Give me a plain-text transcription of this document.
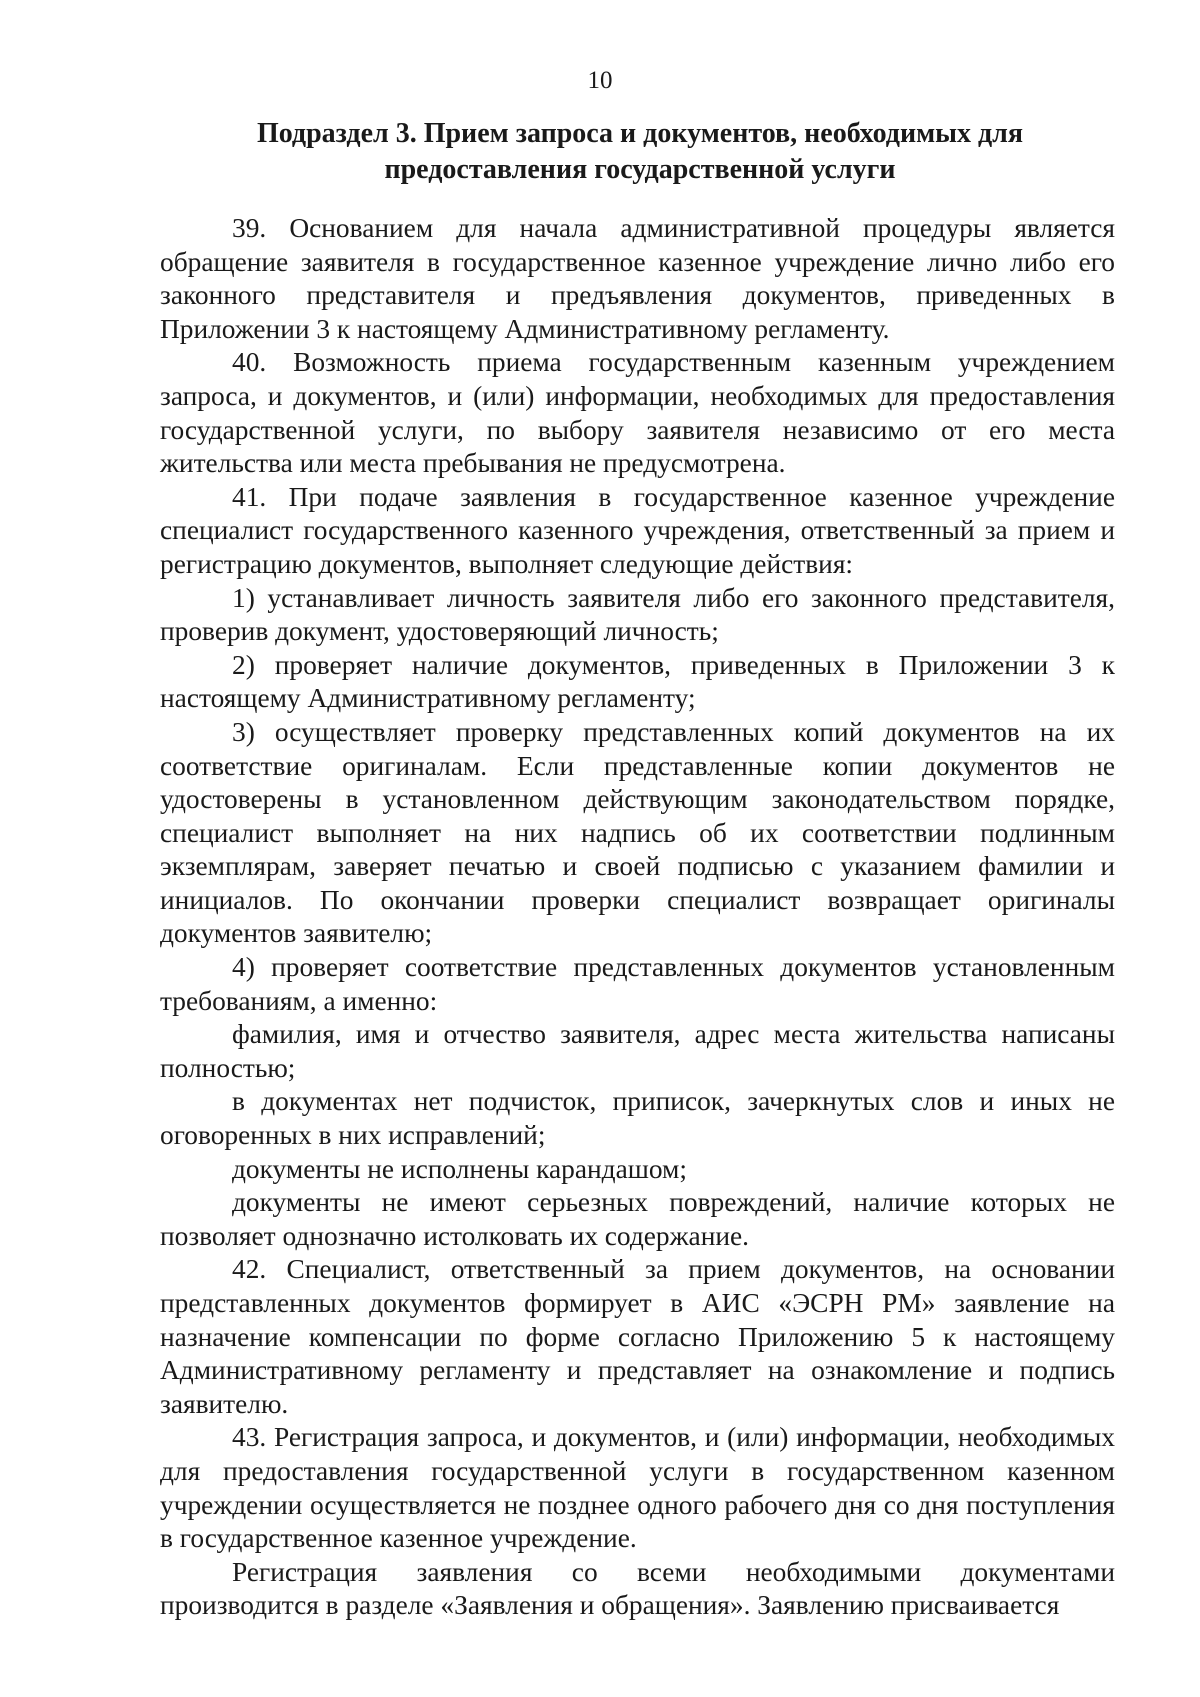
10
Подраздел 3. Прием запроса и документов, необходимых для
предоставления государственной услуги

39. Основанием для начала административной процедуры является обращение заявителя в государственное казенное учреждение лично либо его законного представителя и предъявления документов, приведенных в Приложении 3 к настоящему Административному регламенту.

40. Возможность приема государственным казенным учреждением запроса, и документов, и (или) информации, необходимых для предоставления государственной услуги, по выбору заявителя независимо от его места жительства или места пребывания не предусмотрена.

41. При подаче заявления в государственное казенное учреждение специалист государственного казенного учреждения, ответственный за прием и регистрацию документов, выполняет следующие действия:

1) устанавливает личность заявителя либо его законного представителя, проверив документ, удостоверяющий личность;

2) проверяет наличие документов, приведенных в Приложении 3 к настоящему Административному регламенту;

3) осуществляет проверку представленных копий документов на их соответствие оригиналам. Если представленные копии документов не удостоверены в установленном действующим законодательством порядке, специалист выполняет на них надпись об их соответствии подлинным экземплярам, заверяет печатью и своей подписью с указанием фамилии и инициалов. По окончании проверки специалист возвращает оригиналы документов заявителю;

4) проверяет соответствие представленных документов установленным требованиям, а именно:

фамилия, имя и отчество заявителя, адрес места жительства написаны полностью;

в документах нет подчисток, приписок, зачеркнутых слов и иных не оговоренных в них исправлений;

документы не исполнены карандашом;

документы не имеют серьезных повреждений, наличие которых не позволяет однозначно истолковать их содержание.

42. Специалист, ответственный за прием документов, на основании представленных документов формирует в АИС «ЭСРН РМ» заявление на назначение компенсации по форме согласно Приложению 5 к настоящему Административному регламенту и представляет на ознакомление и подпись заявителю.

43. Регистрация запроса, и документов, и (или) информации, необходимых для предоставления государственной услуги в государственном казенном учреждении осуществляется не позднее одного рабочего дня со дня поступления в государственное казенное учреждение.

Регистрация заявления со всеми необходимыми документами производится в разделе «Заявления и обращения». Заявлению присваивается
